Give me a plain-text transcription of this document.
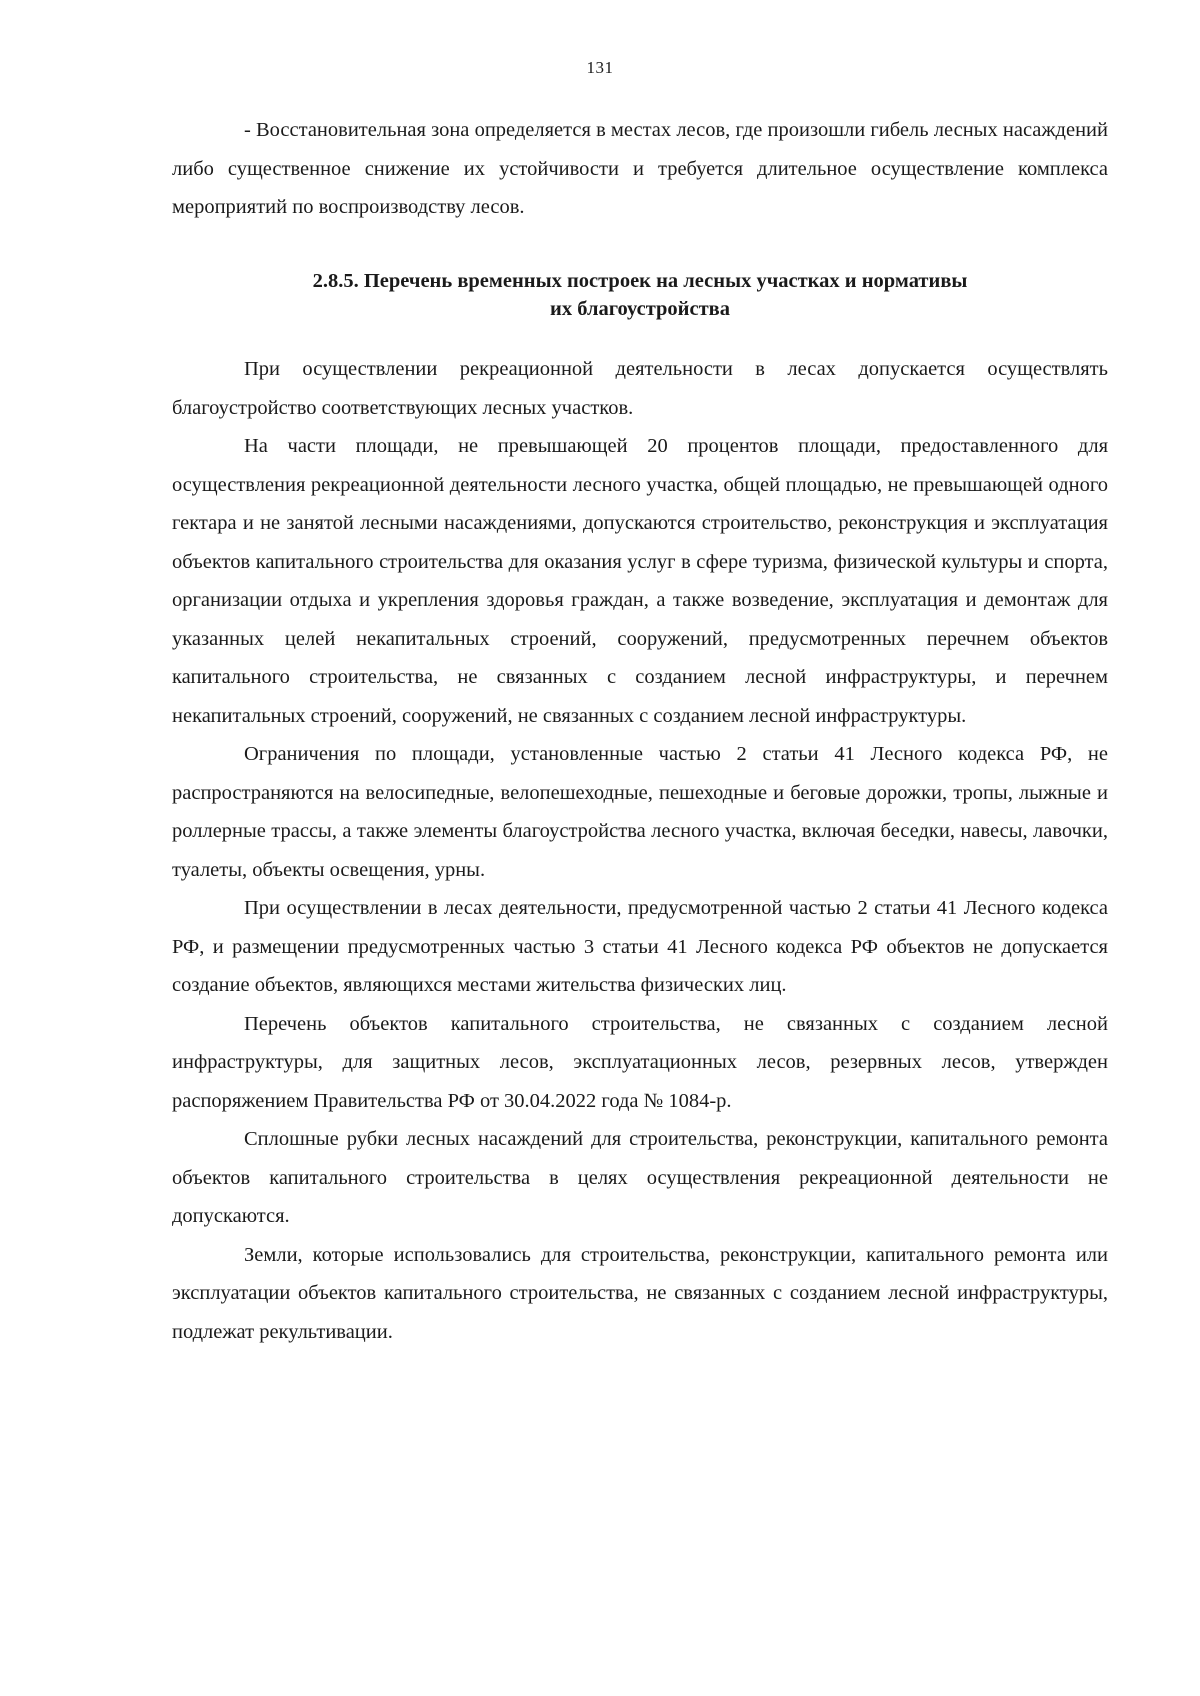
131

- Восстановительная зона определяется в местах лесов, где произошли гибель лесных насаждений либо существенное снижение их устойчивости и требуется длительное осуществление комплекса мероприятий по воспроизводству лесов.

2.8.5. Перечень временных построек на лесных участках и нормативы
их благоустройства

При осуществлении рекреационной деятельности в лесах допускается осуществлять благоустройство соответствующих лесных участков.

На части площади, не превышающей 20 процентов площади, предоставленного для осуществления рекреационной деятельности лесного участка, общей площадью, не превышающей одного гектара и не занятой лесными насаждениями, допускаются строительство, реконструкция и эксплуатация объектов капитального строительства для оказания услуг в сфере туризма, физической культуры и спорта, организации отдыха и укрепления здоровья граждан, а также возведение, эксплуатация и демонтаж для указанных целей некапитальных строений, сооружений, предусмотренных перечнем объектов капитального строительства, не связанных с созданием лесной инфраструктуры, и перечнем некапитальных строений, сооружений, не связанных с созданием лесной инфраструктуры.

Ограничения по площади, установленные частью 2 статьи 41 Лесного кодекса РФ, не распространяются на велосипедные, велопешеходные, пешеходные и беговые дорожки, тропы, лыжные и роллерные трассы, а также элементы благоустройства лесного участка, включая беседки, навесы, лавочки, туалеты, объекты освещения, урны.

При осуществлении в лесах деятельности, предусмотренной частью 2 статьи 41 Лесного кодекса РФ, и размещении предусмотренных частью 3 статьи 41 Лесного кодекса РФ объектов не допускается создание объектов, являющихся местами жительства физических лиц.

Перечень объектов капитального строительства, не связанных с созданием лесной инфраструктуры, для защитных лесов, эксплуатационных лесов, резервных лесов, утвержден распоряжением Правительства РФ от 30.04.2022 года № 1084-р.

Сплошные рубки лесных насаждений для строительства, реконструкции, капитального ремонта объектов капитального строительства в целях осуществления рекреационной деятельности не допускаются.

Земли, которые использовались для строительства, реконструкции, капитального ремонта или эксплуатации объектов капитального строительства, не связанных с созданием лесной инфраструктуры, подлежат рекультивации.
